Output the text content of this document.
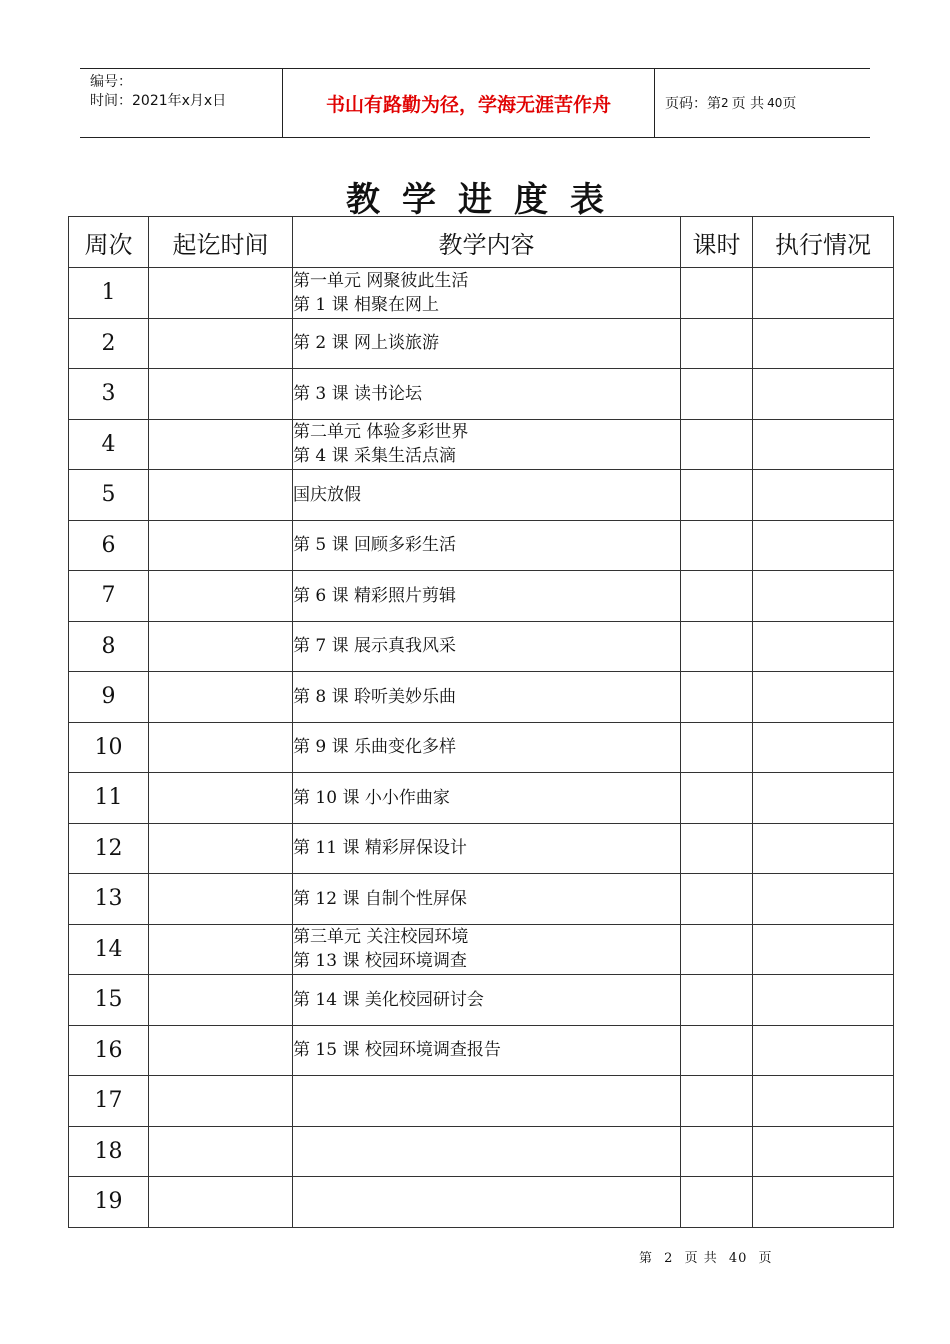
编号：
时间：2021年x月x日	书山有路勤为径，学海无涯苦作舟	页码：第 2 页 共 40 页
教学进度表
周次	起讫时间	教学内容	课时	执行情况
1		第一单元 网聚彼此生活
第 1 课 相聚在网上		

2		第 2 课 网上谈旅游		

3		第 3 课 读书论坛		

4		第二单元 体验多彩世界
第 4 课 采集生活点滴		

5		国庆放假		

6		第 5 课 回顾多彩生活		

7		第 6 课 精彩照片剪辑		

8		第 7 课 展示真我风采		

9		第 8 课 聆听美妙乐曲		

10		第 9 课 乐曲变化多样		

11		第 10 课 小小作曲家		

12		第 11 课 精彩屏保设计		

13		第 12 课 自制个性屏保		

14		第三单元 关注校园环境
第 13 课 校园环境调查		

15		第 14 课 美化校园研讨会		

16		第 15 课 校园环境调查报告		

17				
18				
19				
第 2 页 共 40 页
